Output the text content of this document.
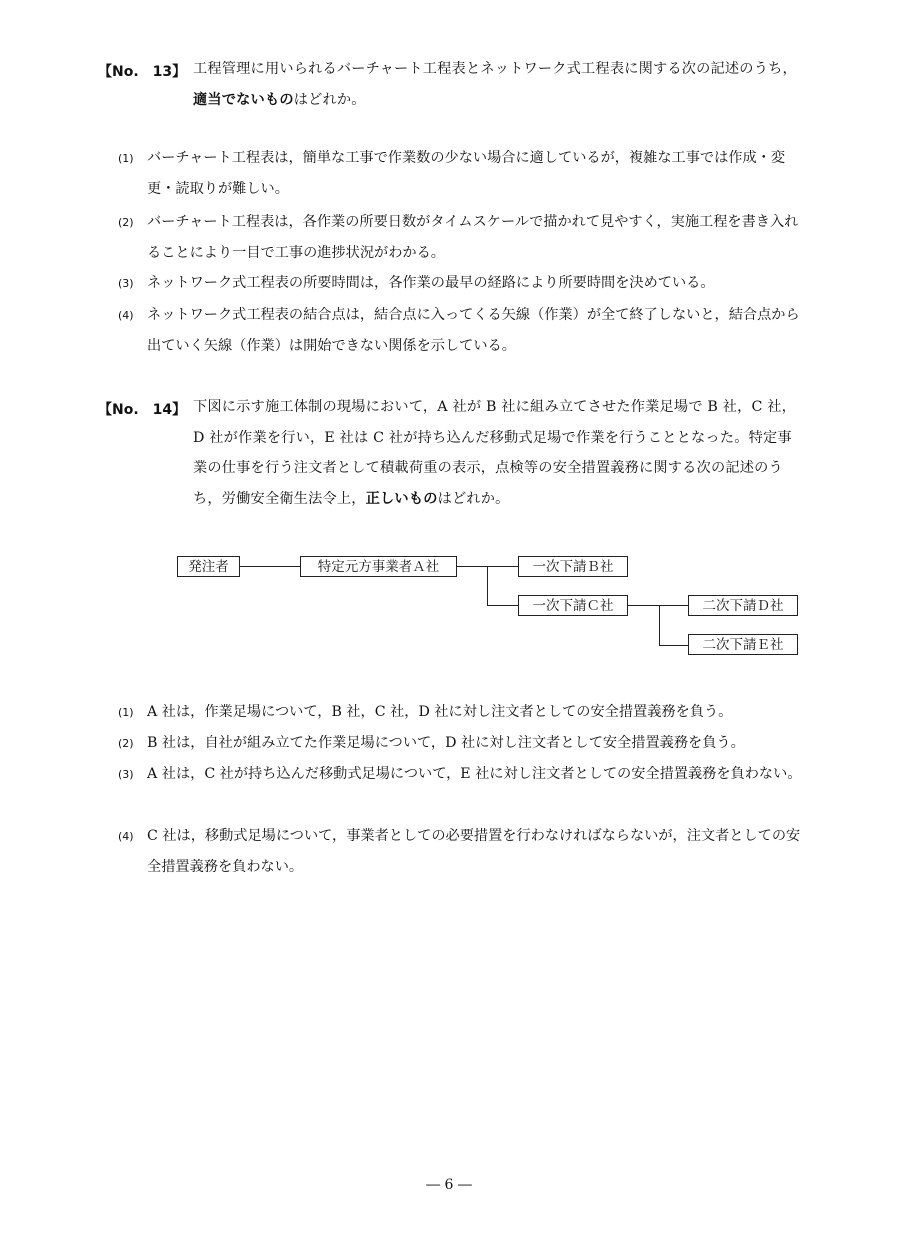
【No.　13】 工程管理に用いられるバーチャート工程表とネットワーク式工程表に関する次の記述のうち，適当でないものはどれか。
(1) バーチャート工程表は，簡単な工事で作業数の少ない場合に適しているが，複雑な工事では作成・変更・読取りが難しい。
(2) バーチャート工程表は，各作業の所要日数がタイムスケールで描かれて見やすく，実施工程を書き入れることにより一目で工事の進捗状況がわかる。
(3) ネットワーク式工程表の所要時間は，各作業の最早の経路により所要時間を決めている。
(4) ネットワーク式工程表の結合点は，結合点に入ってくる矢線（作業）が全て終了しないと，結合点から出ていく矢線（作業）は開始できない関係を示している。
【No.　14】 下図に示す施工体制の現場において，A 社が B 社に組み立てさせた作業足場で B 社，C 社，D 社が作業を行い，E 社は C 社が持ち込んだ移動式足場で作業を行うこととなった。特定事業の仕事を行う注文者として積載荷重の表示，点検等の安全措置義務に関する次の記述のうち，労働安全衛生法令上，正しいものはどれか。
発注者	特定元方事業者Ａ社	一次下請Ｂ社
一次下請Ｃ社	二次下請Ｄ社
二次下請Ｅ社
(1) A 社は，作業足場について，B 社，C 社，D 社に対し注文者としての安全措置義務を負う。
(2) B 社は，自社が組み立てた作業足場について，D 社に対し注文者として安全措置義務を負う。
(3) A 社は，C 社が持ち込んだ移動式足場について，E 社に対し注文者としての安全措置義務を負わない。
(4) C 社は，移動式足場について，事業者としての必要措置を行わなければならないが，注文者としての安全措置義務を負わない。
― 6 ―
